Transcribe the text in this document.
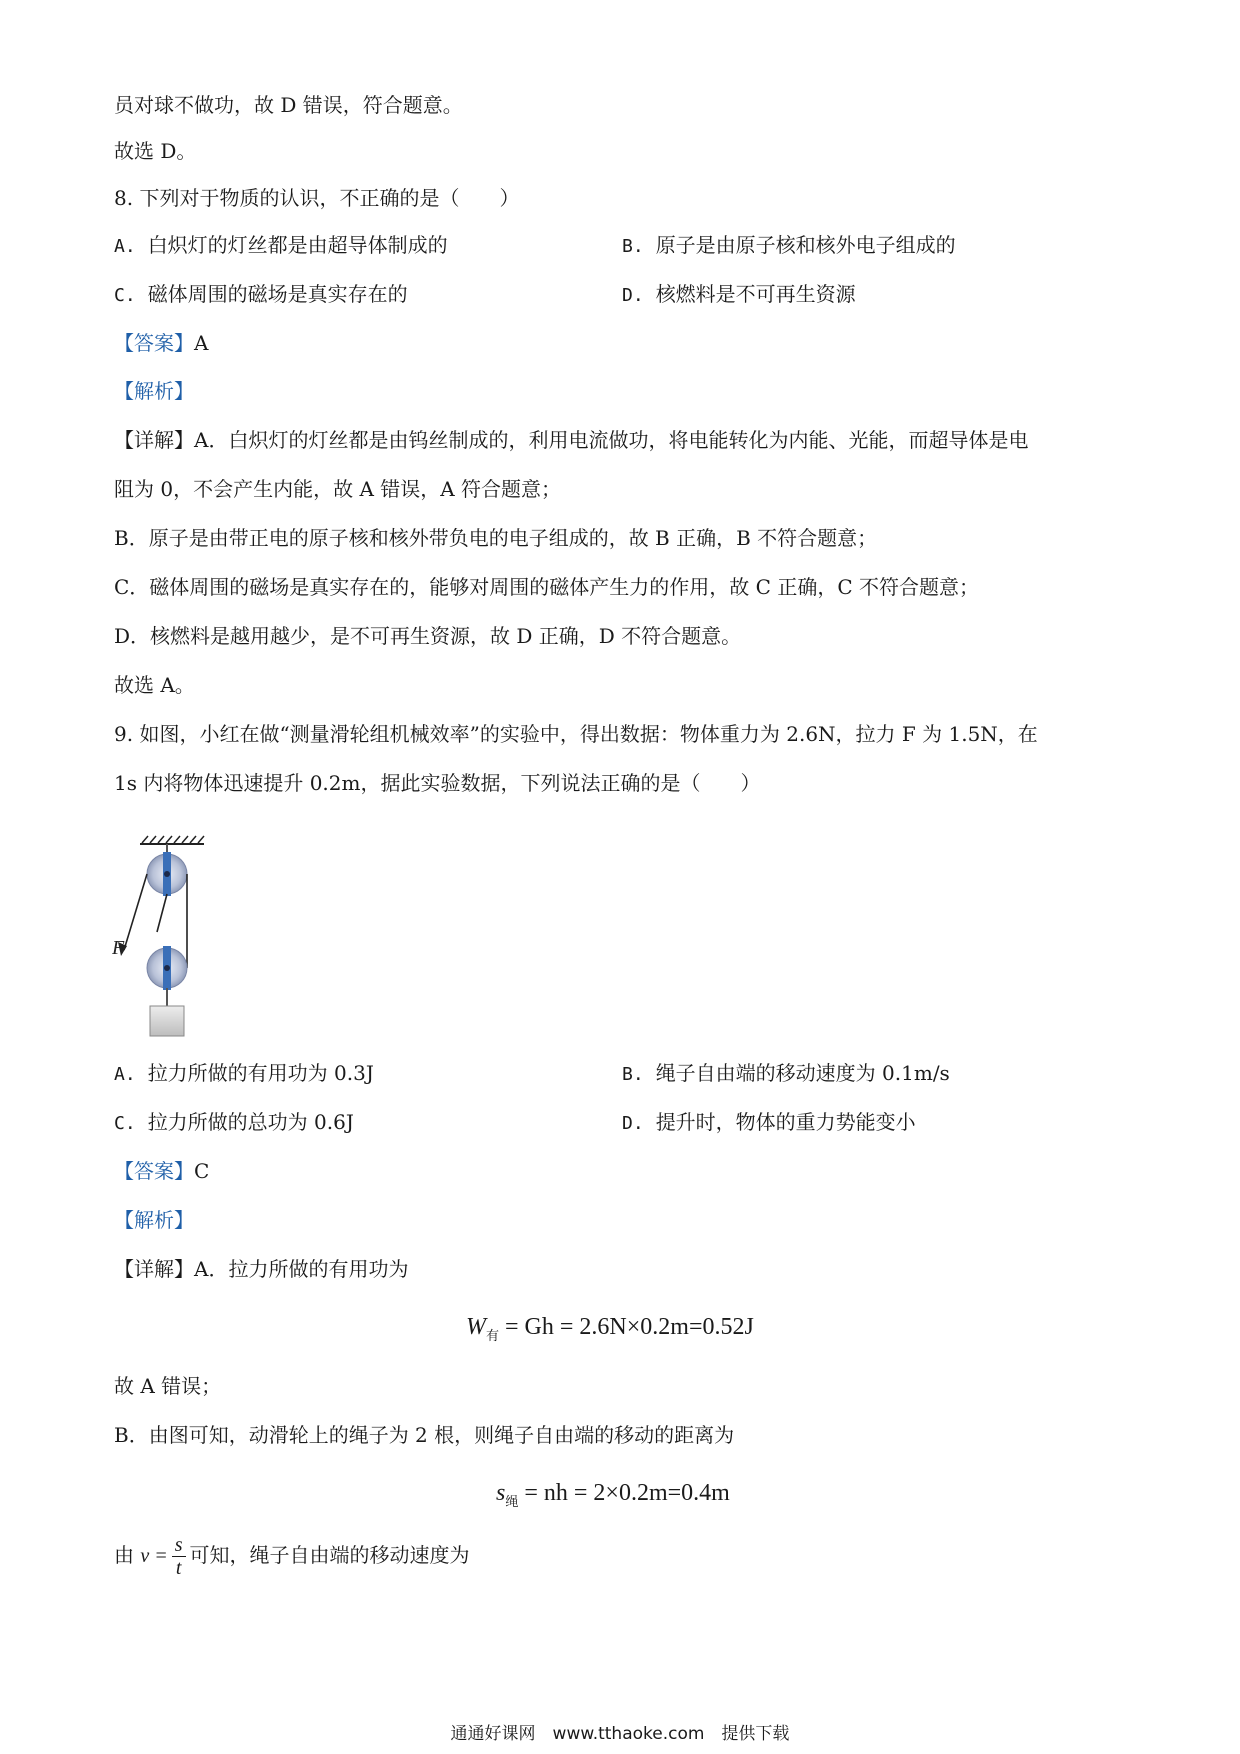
员对球不做功，故 D 错误，符合题意。
故选 D。
8. 下列对于物质的认识，不正确的是（　　）
A. 白炽灯的灯丝都是由超导体制成的	B. 原子是由原子核和核外电子组成的
C. 磁体周围的磁场是真实存在的	D. 核燃料是不可再生资源
【答案】A
【解析】
【详解】A．白炽灯的灯丝都是由钨丝制成的，利用电流做功，将电能转化为内能、光能，而超导体是电
阻为 0，不会产生内能，故 A 错误，A 符合题意；
B．原子是由带正电的原子核和核外带负电的电子组成的，故 B 正确，B 不符合题意；
C．磁体周围的磁场是真实存在的，能够对周围的磁体产生力的作用，故 C 正确，C 不符合题意；
D．核燃料是越用越少，是不可再生资源，故 D 正确，D 不符合题意。
故选 A。
9. 如图，小红在做“测量滑轮组机械效率”的实验中，得出数据：物体重力为 2.6N，拉力 F 为 1.5N，在
1s 内将物体迅速提升 0.2m，据此实验数据，下列说法正确的是（　　）
F
A. 拉力所做的有用功为 0.3J	B. 绳子自由端的移动速度为 0.1m/s
C. 拉力所做的总功为 0.6J	D. 提升时，物体的重力势能变小
【答案】C
【解析】
【详解】A．拉力所做的有用功为
$W_有 = Gh = 2.6N\times 0.2m=0.52J$
故 A 错误；
B．由图可知，动滑轮上的绳子为 2 根，则绳子自由端的移动的距离为
$s_绳$ = nh = 2×0.2m=0.4m
由 $v = \frac{s}{t}$ 可知，绳子自由端的移动速度为
通通好课网　www.tthaoke.com　提供下载
